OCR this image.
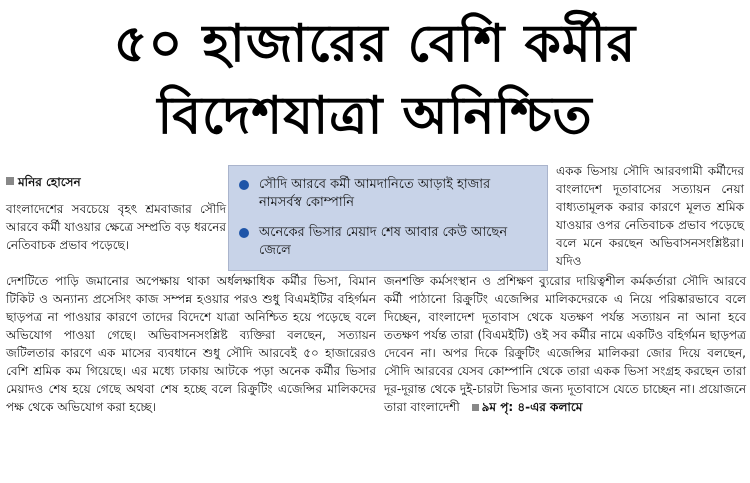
৫০ হাজারের বেশি কর্মীর
বিদেশযাত্রা অনিশ্চিত
মনির হোসেন	সৌদি আরবে কর্মী আমদানিতে আড়াই হাজার নামসর্বস্ব কোম্পানি
অনেকের ভিসার মেয়াদ শেষ আবার কেউ আছেন জেলে
বাংলাদেশের সবচেয়ে বৃহৎ শ্রমবাজার সৌদি আরবে কর্মী যাওয়ার ক্ষেত্রে সম্প্রতি বড় ধরনের নেতিবাচক প্রভাব পড়েছে।
দেশটিতে পাড়ি জমানোর অপেক্ষায় থাকা অর্ধলক্ষাধিক কর্মীর ভিসা, বিমান টিকিট ও অন্যান্য প্রসেসিং কাজ সম্পন্ন হওয়ার পরও শুধু বিএমইটির বহির্গমন ছাড়পত্র না পাওয়ার কারণে তাদের বিদেশে যাত্রা অনিশ্চিত হয়ে পড়েছে বলে অভিযোগ পাওয়া গেছে। অভিবাসনসংশ্লিষ্ট ব্যক্তিরা বলছেন, সত্যায়ন জটিলতার কারণে এক মাসের ব্যবধানে শুধু সৌদি আরবেই ৫০ হাজারেরও বেশি শ্রমিক কম গিয়েছে। এর মধ্যে ঢাকায় আটকে পড়া অনেক কর্মীর ভিসার মেয়াদও শেষ হয়ে গেছে অথবা শেষ হচ্ছে বলে রিক্রুটিং এজেন্সির মালিকদের পক্ষ থেকে অভিযোগ করা হচ্ছে।
একক ভিসায় সৌদি আরবগামী কর্মীদের বাংলাদেশ দূতাবাসের সত্যায়ন নেয়া বাধ্যতামূলক করার কারণে মূলত শ্রমিক যাওয়ার ওপর নেতিবাচক প্রভাব পড়েছে বলে মনে করছেন অভিবাসনসংশ্লিষ্টরা। যদিও
জনশক্তি কর্মসংস্থান ও প্রশিক্ষণ ব্যুরোর দায়িত্বশীল কর্মকর্তারা সৌদি আরবে কর্মী পাঠানো রিক্রুটিং এজেন্সির মালিকদেরকে এ নিয়ে পরিষ্কারভাবে বলে দিচ্ছেন, বাংলাদেশ দূতাবাস থেকে যতক্ষণ পর্যন্ত সত্যায়ন না আনা হবে ততক্ষণ পর্যন্ত তারা (বিএমইটি) ওই সব কর্মীর নামে একটিও বহির্গমন ছাড়পত্র দেবেন না। অপর দিকে রিক্রুটিং এজেন্সির মালিকরা জোর দিয়ে বলছেন, সৌদি আরবের যেসব কোম্পানি থেকে তারা একক ভিসা সংগ্রহ করছেন তারা দূর-দূরান্ত থেকে দুই-চারটা ভিসার জন্য দূতাবাসে যেতে চাচ্ছেন না। প্রয়োজনে তারা বাংলাদেশী ৯ম পৃ: ৪-এর কলামে
